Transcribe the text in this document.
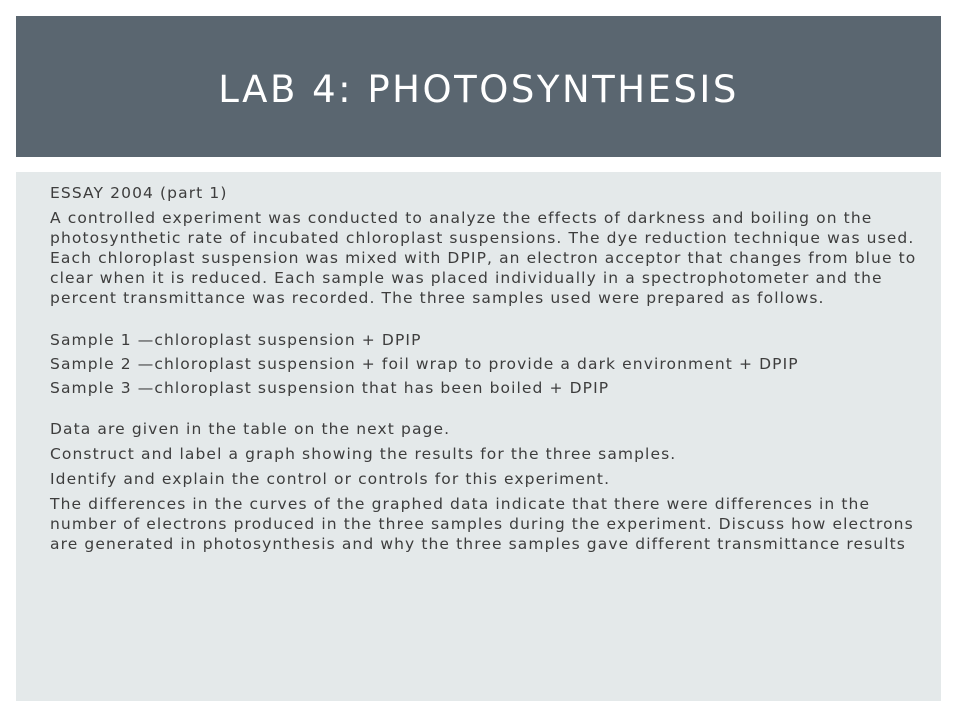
LAB 4: PHOTOSYNTHESIS

ESSAY 2004 (part 1)

A controlled experiment was conducted to analyze the effects of darkness and boiling on the photosynthetic rate of incubated chloroplast suspensions. The dye reduction technique was used. Each chloroplast suspension was mixed with DPIP, an electron acceptor that changes from blue to clear when it is reduced. Each sample was placed individually in a spectrophotometer and the percent transmittance was recorded. The three samples used were prepared as follows.

Sample 1 —chloroplast suspension + DPIP

Sample 2 —chloroplast suspension + foil wrap to provide a dark environment + DPIP

Sample 3 —chloroplast suspension that has been boiled + DPIP

Data are given in the table on the next page.

Construct and label a graph showing the results for the three samples.

Identify and explain the control or controls for this experiment.

The differences in the curves of the graphed data indicate that there were differences in the number of electrons produced in the three samples during the experiment. Discuss how electrons are generated in photosynthesis and why the three samples gave different transmittance results
